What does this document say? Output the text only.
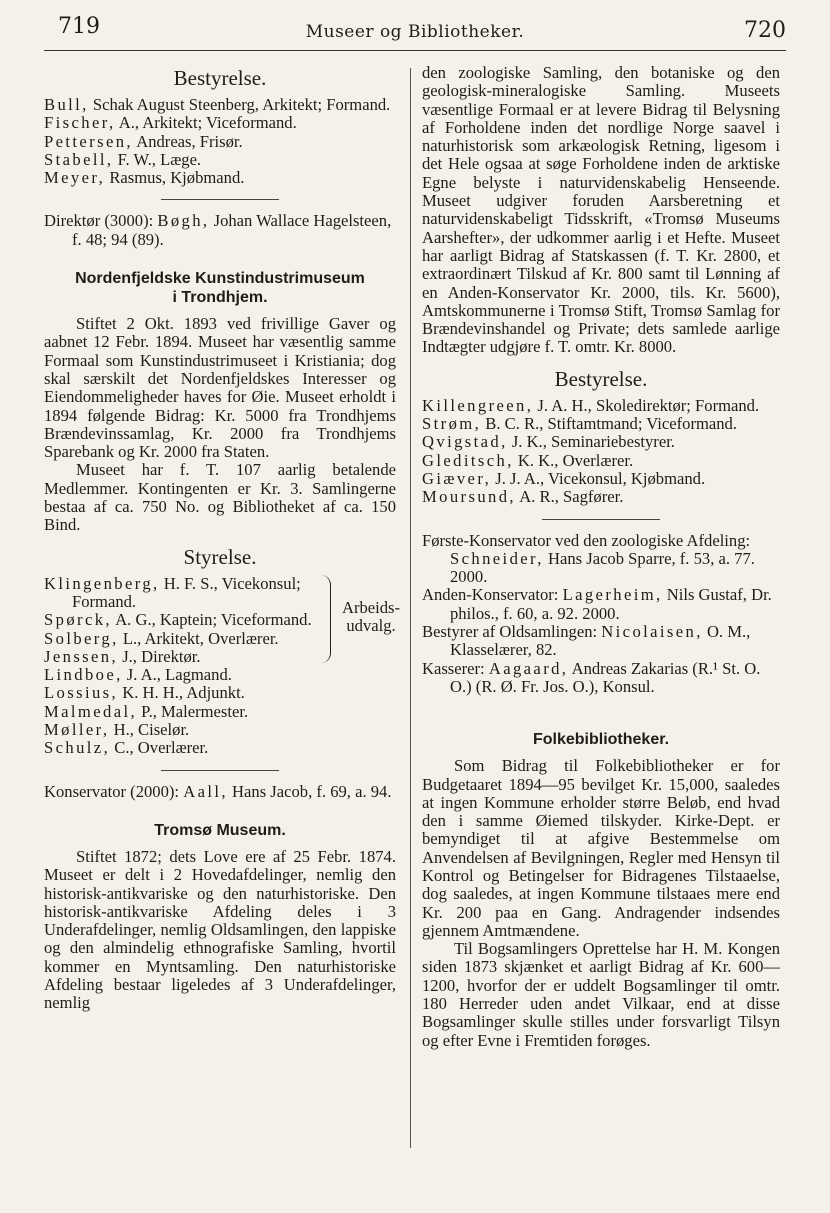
719	Museer og Bibliotheker.	720
Bestyrelse.

Bull, Schak August Steenberg, Arkitekt; Formand.

Fischer, A., Arkitekt; Viceformand.

Pettersen, Andreas, Frisør.

Stabell, F. W., Læge.

Meyer, Rasmus, Kjøbmand.

Direktør (3000): Bøgh, Johan Wallace Hagelsteen, f. 48; 94 (89).

Nordenfjeldske Kunstindustrimuseum
i Trondhjem.

Stiftet 2 Okt. 1893 ved frivillige Gaver og aabnet 12 Febr. 1894. Museet har væsentlig samme Formaal som Kunstindustrimuseet i Kristiania; dog skal særskilt det Nordenfjeldskes Interesser og Eiendommeligheder haves for Øie. Museet erholdt i 1894 følgende Bidrag: Kr. 5000 fra Trondhjems Brændevinssamlag, Kr. 2000 fra Trondhjems Sparebank og Kr. 2000 fra Staten.

Museet har f. T. 107 aarlig betalende Medlemmer. Kontingenten er Kr. 3. Samlingerne bestaa af ca. 750 No. og Bibliotheket af ca. 150 Bind.

Styrelse.

Klingenberg, H. F. S., Vicekonsul; Formand.

Spørck, A. G., Kaptein; Viceformand.

Solberg, L., Arkitekt, Overlærer.

Arbeids-
udvalg.

Jenssen, J., Direktør.

Lindboe, J. A., Lagmand.

Lossius, K. H. H., Adjunkt.

Malmedal, P., Malermester.

Møller, H., Ciselør.

Schulz, C., Overlærer.

Konservator (2000): Aall, Hans Jacob, f. 69, a. 94.

Tromsø Museum.

Stiftet 1872; dets Love ere af 25 Febr. 1874. Museet er delt i 2 Hovedafdelinger, nemlig den historisk-antikvariske og den naturhistoriske. Den historisk-antikvariske Afdeling deles i 3 Underafdelinger, nemlig Oldsamlingen, den lappiske og den almindelig ethnografiske Samling, hvortil kommer en Myntsamling. Den naturhistoriske Afdeling bestaar ligeledes af 3 Underafdelinger, nemlig

den zoologiske Samling, den botaniske og den geologisk-mineralogiske Samling. Museets væsentlige Formaal er at levere Bidrag til Belysning af Forholdene inden det nordlige Norge saavel i naturhistorisk som arkæologisk Retning, ligesom i det Hele ogsaa at søge Forholdene inden de arktiske Egne belyste i naturvidenskabelig Henseende. Museet udgiver foruden Aarsberetning et naturvidenskabeligt Tidsskrift, «Tromsø Museums Aarshefter», der udkommer aarlig i et Hefte. Museet har aarligt Bidrag af Statskassen (f. T. Kr. 2800, et extraordinært Tilskud af Kr. 800 samt til Lønning af en Anden-Konservator Kr. 2000, tils. Kr. 5600), Amtskommunerne i Tromsø Stift, Tromsø Samlag for Brændevinshandel og Private; dets samlede aarlige Indtægter udgjøre f. T. omtr. Kr. 8000.

Bestyrelse.

Killengreen, J. A. H., Skoledirektør; Formand.

Strøm, B. C. R., Stiftamtmand; Viceformand.

Qvigstad, J. K., Seminariebestyrer.

Gleditsch, K. K., Overlærer.

Giæver, J. J. A., Vicekonsul, Kjøbmand.

Moursund, A. R., Sagfører.

Første-Konservator ved den zoologiske Afdeling: Schneider, Hans Jacob Sparre, f. 53, a. 77. 2000.

Anden-Konservator: Lagerheim, Nils Gustaf, Dr. philos., f. 60, a. 92. 2000.

Bestyrer af Oldsamlingen: Nicolaisen, O. M., Klasselærer, 82.

Kasserer: Aagaard, Andreas Zakarias (R.¹ St. O. O.) (R. Ø. Fr. Jos. O.), Konsul.

Folkebibliotheker.

Som Bidrag til Folkebibliotheker er for Budgetaaret 1894—95 bevilget Kr. 15,000, saaledes at ingen Kommune erholder større Beløb, end hvad den i samme Øiemed tilskyder. Kirke-Dept. er bemyndiget til at afgive Bestemmelse om Anvendelsen af Bevilgningen, Regler med Hensyn til Kontrol og Betingelser for Bidragenes Tilstaaelse, dog saaledes, at ingen Kommune tilstaaes mere end Kr. 200 paa en Gang. Andragender indsendes gjennem Amtmændene.

Til Bogsamlingers Oprettelse har H. M. Kongen siden 1873 skjænket et aarligt Bidrag af Kr. 600—1200, hvorfor der er uddelt Bogsamlinger til omtr. 180 Herreder uden andet Vilkaar, end at disse Bogsamlinger skulle stilles under forsvarligt Tilsyn og efter Evne i Fremtiden forøges.
